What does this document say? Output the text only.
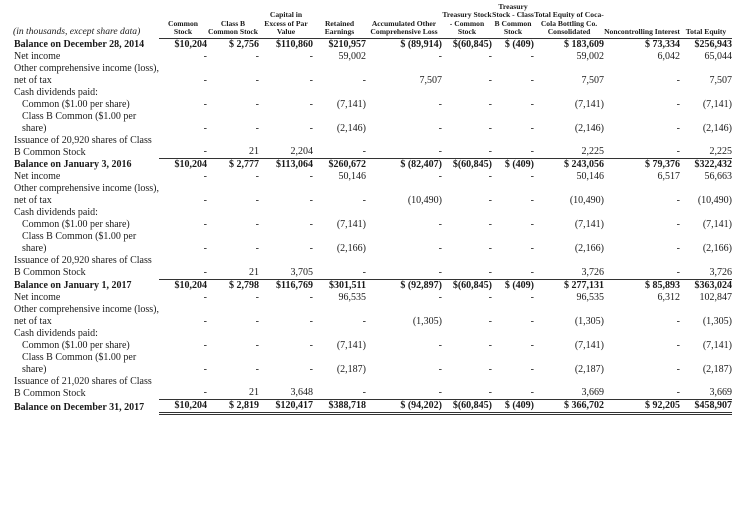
(in thousands, except share data)	Common Stock	Class B Common Stock	Capital in Excess of Par Value	Retained Earnings	Accumulated Other Comprehensive Loss	Treasury Stock - Common Stock	Treasury Stock - Class B Common Stock	Total Equity of Coca-Cola Bottling Co. Consolidated	Noncontrolling Interest	Total Equity
Balance on December 28, 2014	$10,204	$ 2,756	$110,860	$210,957	$ (89,914)	$(60,845)	$ (409)	$ 183,609	$ 73,334	$256,943
Net income	-	-	-	59,002	-	-	-	59,002	6,042	65,044
Other comprehensive income (loss), net of tax	-	-	-	-	7,507	-	-	7,507	-	7,507
Cash dividends paid:										
Common ($1.00 per share)	-	-	-	(7,141)	-	-	-	(7,141)	-	(7,141)
Class B Common ($1.00 per share)	-	-	-	(2,146)	-	-	-	(2,146)	-	(2,146)
Issuance of 20,920 shares of Class B Common Stock	-	21	2,204	-	-	-	-	2,225	-	2,225
Balance on January 3, 2016	$10,204	$ 2,777	$113,064	$260,672	$ (82,407)	$(60,845)	$ (409)	$ 243,056	$ 79,376	$322,432
Net income	-	-	-	50,146	-	-	-	50,146	6,517	56,663
Other comprehensive income (loss), net of tax	-	-	-	-	(10,490)	-	-	(10,490)	-	(10,490)
Cash dividends paid:										
Common ($1.00 per share)	-	-	-	(7,141)	-	-	-	(7,141)	-	(7,141)
Class B Common ($1.00 per share)	-	-	-	(2,166)	-	-	-	(2,166)	-	(2,166)
Issuance of 20,920 shares of Class B Common Stock	-	21	3,705	-	-	-	-	3,726	-	3,726
Balance on January 1, 2017	$10,204	$ 2,798	$116,769	$301,511	$ (92,897)	$(60,845)	$ (409)	$ 277,131	$ 85,893	$363,024
Net income	-	-	-	96,535	-	-	-	96,535	6,312	102,847
Other comprehensive income (loss), net of tax	-	-	-	-	(1,305)	-	-	(1,305)	-	(1,305)
Cash dividends paid:										
Common ($1.00 per share)	-	-	-	(7,141)	-	-	-	(7,141)	-	(7,141)
Class B Common ($1.00 per share)	-	-	-	(2,187)	-	-	-	(2,187)	-	(2,187)
Issuance of 21,020 shares of Class B Common Stock	-	21	3,648	-	-	-	-	3,669	-	3,669
Balance on December 31, 2017	$10,204	$ 2,819	$120,417	$388,718	$ (94,202)	$(60,845)	$ (409)	$ 366,702	$ 92,205	$458,907
